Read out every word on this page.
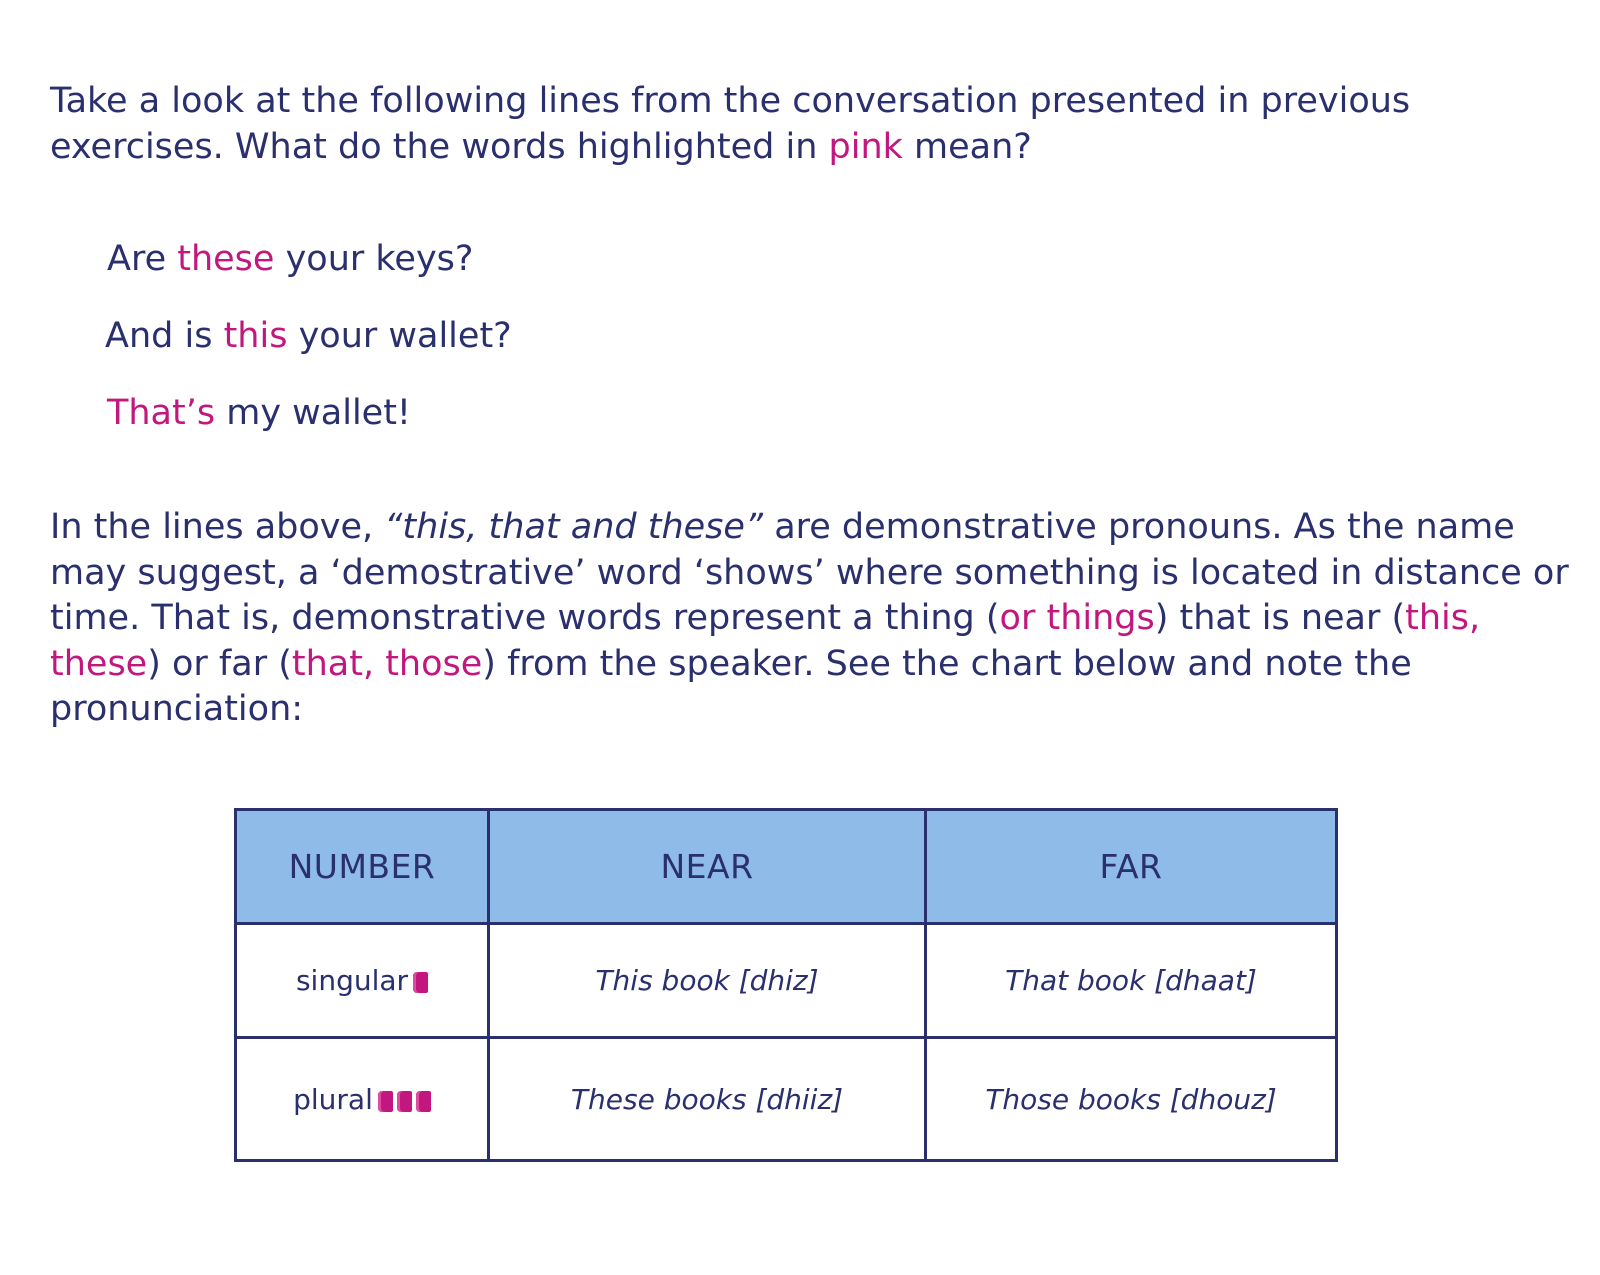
Take a look at the following lines from the conversation presented in previous exercises. What do the words highlighted in pink mean?

Are these your keys?

And is this your wallet?

That’s my wallet!

In the lines above, “this, that and these” are demonstrative pronouns. As the name may suggest, a ‘demostrative’ word ‘shows’ where something is located in distance or time. That is, demonstrative words represent a thing (or things) that is near (this, these) or far (that, those) from the speaker. See the chart below and note the pronunciation:

NUMBER	NEAR	FAR
singular	This book [dhiz]	That book [dhaat]
plural	These books [dhiiz]	Those books [dhouz]
